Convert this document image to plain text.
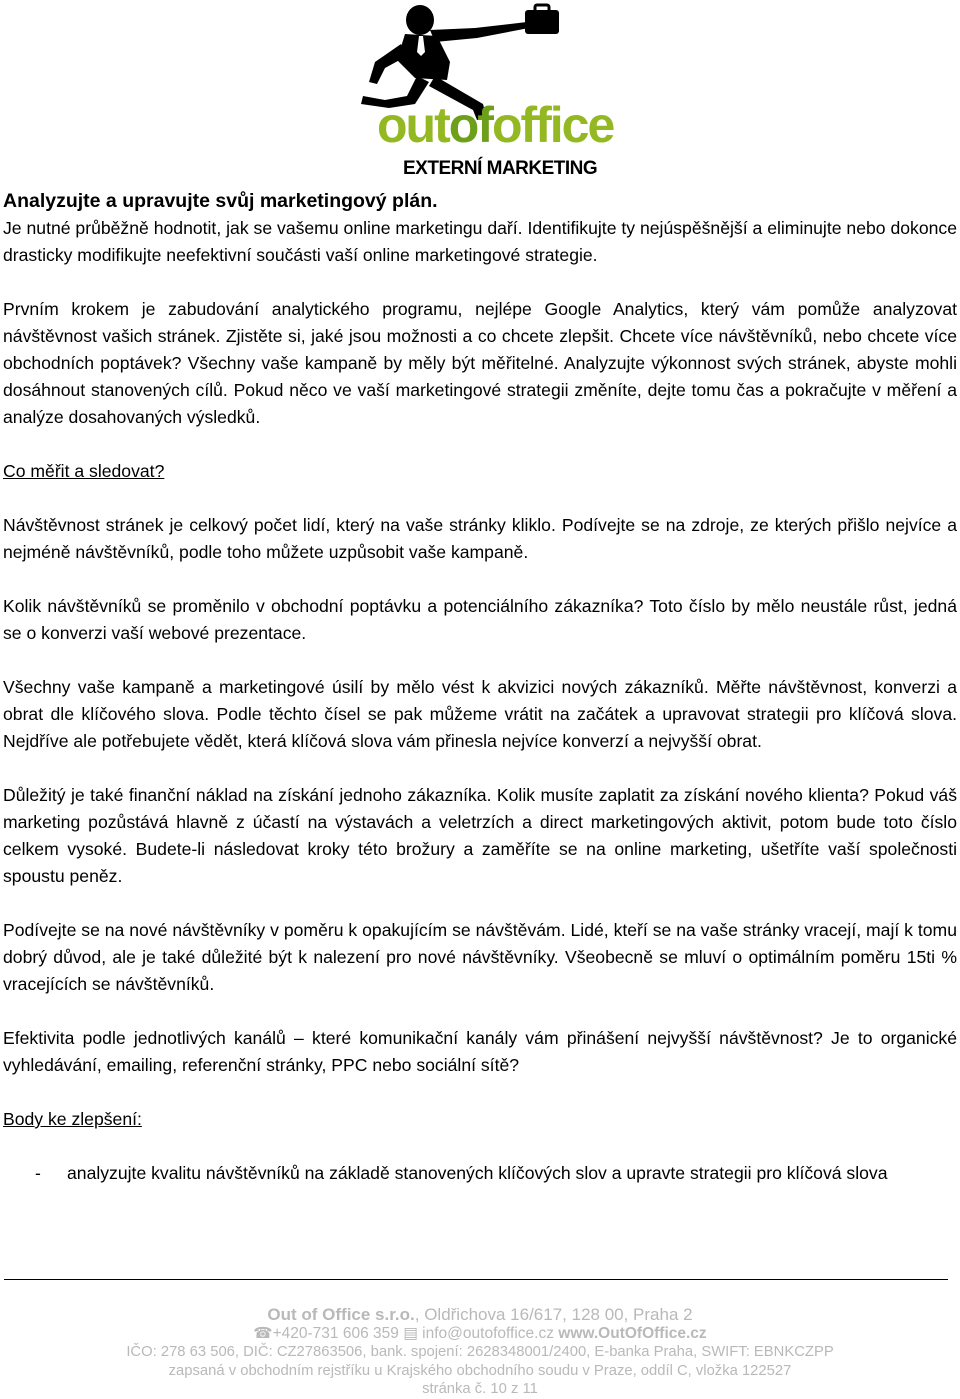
outofoffice
EXTERNÍ MARKETING
Analyzujte a upravujte svůj marketingový plán.

Je nutné průběžně hodnotit, jak se vašemu online marketingu daří. Identifikujte ty nejúspěšnější a eliminujte nebo dokonce drasticky modifikujte neefektivní součásti vaší online marketingové strategie.

Prvním krokem je zabudování analytického programu, nejlépe Google Analytics, který vám pomůže analyzovat návštěvnost vašich stránek. Zjistěte si, jaké jsou možnosti a co chcete zlepšit. Chcete více návštěvníků, nebo chcete více obchodních poptávek? Všechny vaše kampaně by měly být měřitelné. Analyzujte výkonnost svých stránek, abyste mohli dosáhnout stanovených cílů. Pokud něco ve vaší marketingové strategii změníte, dejte tomu čas a pokračujte v měření a analýze dosahovaných výsledků.

Co měřit a sledovat?

Návštěvnost stránek je celkový počet lidí, který na vaše stránky kliklo. Podívejte se na zdroje, ze kterých přišlo nejvíce a nejméně návštěvníků, podle toho můžete uzpůsobit vaše kampaně.

Kolik návštěvníků se proměnilo v obchodní poptávku a potenciálního zákazníka? Toto číslo by mělo neustále růst, jedná se o konverzi vaší webové prezentace.

Všechny vaše kampaně a marketingové úsilí by mělo vést k akvizici nových zákazníků. Měřte návštěvnost, konverzi a obrat dle klíčového slova. Podle těchto čísel se pak můžeme vrátit na začátek a upravovat strategii pro klíčová slova. Nejdříve ale potřebujete vědět, která klíčová slova vám přinesla nejvíce konverzí a nejvyšší obrat.

Důležitý je také finanční náklad na získání jednoho zákazníka. Kolik musíte zaplatit za získání nového klienta? Pokud váš marketing pozůstává hlavně z účastí na výstavách a veletrzích a direct marketingových aktivit, potom bude toto číslo celkem vysoké. Budete-li následovat kroky této brožury a zaměříte se na online marketing, ušetříte vaší společnosti spoustu peněz.

Podívejte se na nové návštěvníky v poměru k opakujícím se návštěvám. Lidé, kteří se na vaše stránky vracejí, mají k tomu dobrý důvod, ale je také důležité být k nalezení pro nové návštěvníky. Všeobecně se mluví o optimálním poměru 15ti % vracejících se návštěvníků.

Efektivita podle jednotlivých kanálů – které komunikační kanály vám přinášení nejvyšší návštěvnost? Je to organické vyhledávání, emailing, referenční stránky, PPC nebo sociální sítě?

Body ke zlepšení:

-	analyzujte kvalitu návštěvníků na základě stanovených klíčových slov a upravte strategii pro klíčová slova
Out of Office s.r.o., Oldřichova 16/617, 128 00, Praha 2
☎+420-731 606 359 ▤ info@outofoffice.cz www.OutOfOffice.cz
IČO: 278 63 506, DIČ: CZ27863506, bank. spojení: 2628348001/2400, E-banka Praha, SWIFT: EBNKCZPP
zapsaná v obchodním rejstříku u Krajského obchodního soudu v Praze, oddíl C, vložka 122527
stránka č. 10 z 11
